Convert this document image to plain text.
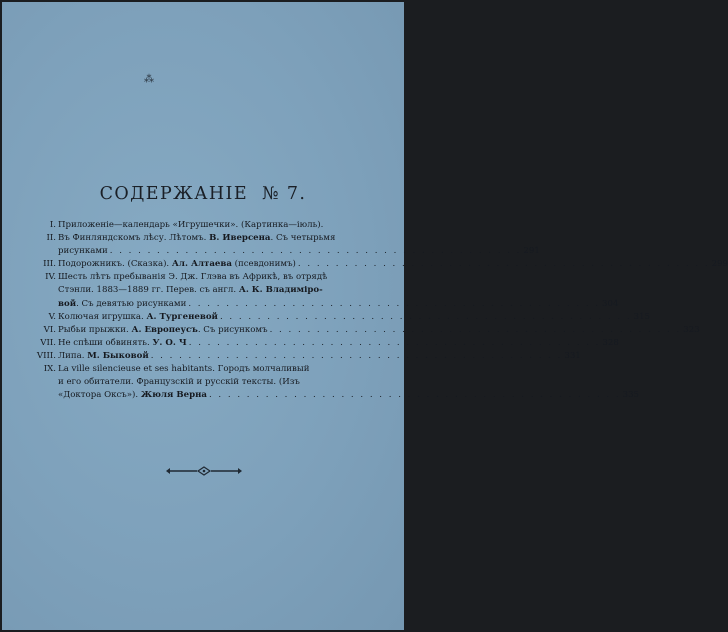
⁂
СОДЕРЖАНІЕ № 7.
I. Приложеніе—календарь «Игрушечки». (Картинка—іюль).
II. Въ Финляндскомъ лѣсу. Лѣтомъ. В. Иверсена. Съ четырьмя
рисунками . . . . . . . . . . . . . . . . . . . . . . . . . . . . . . . . . . . . . . . . . . . . 291
III. Подорожникъ. (Сказка). Ал. Алтаева (псевдонимъ) . . . . . . . . . . . . . . . . . . . . . . . . . . . . . . . . . . . . . . . . . . . . 299
IV. Шесть лѣтъ пребыванія Э. Дж. Глэва въ Африкѣ, въ отрядѣ
Стэнли. 1883—1889 гг. Перев. съ англ. А. К. Владиміро-
вой. Съ девятью рисунками . . . . . . . . . . . . . . . . . . . . . . . . . . . . . . . . . . . . . . . . . . . . 304
V. Колючая игрушка. А. Тургеневой . . . . . . . . . . . . . . . . . . . . . . . . . . . . . . . . . . . . . . . . . . . . 315
VI. Рыбьи прыжки. А. Европеусъ. Съ рисункомъ . . . . . . . . . . . . . . . . . . . . . . . . . . . . . . . . . . . . . . . . . . . . 323
VII. Не спѣши обвинять. У. О. Ч . . . . . . . . . . . . . . . . . . . . . . . . . . . . . . . . . . . . . . . . . . . . 328
VIII. Липа. М. Быковой . . . . . . . . . . . . . . . . . . . . . . . . . . . . . . . . . . . . . . . . . . . . 331
IX. La ville silencieuse et ses habitants. Городъ молчаливый
и его обитатели. Французскій и русскій тексты. (Изъ
«Доктора Оксъ»). Жюля Верна . . . . . . . . . . . . . . . . . . . . . . . . . . . . . . . . . . . . . . . . . . . . 335
